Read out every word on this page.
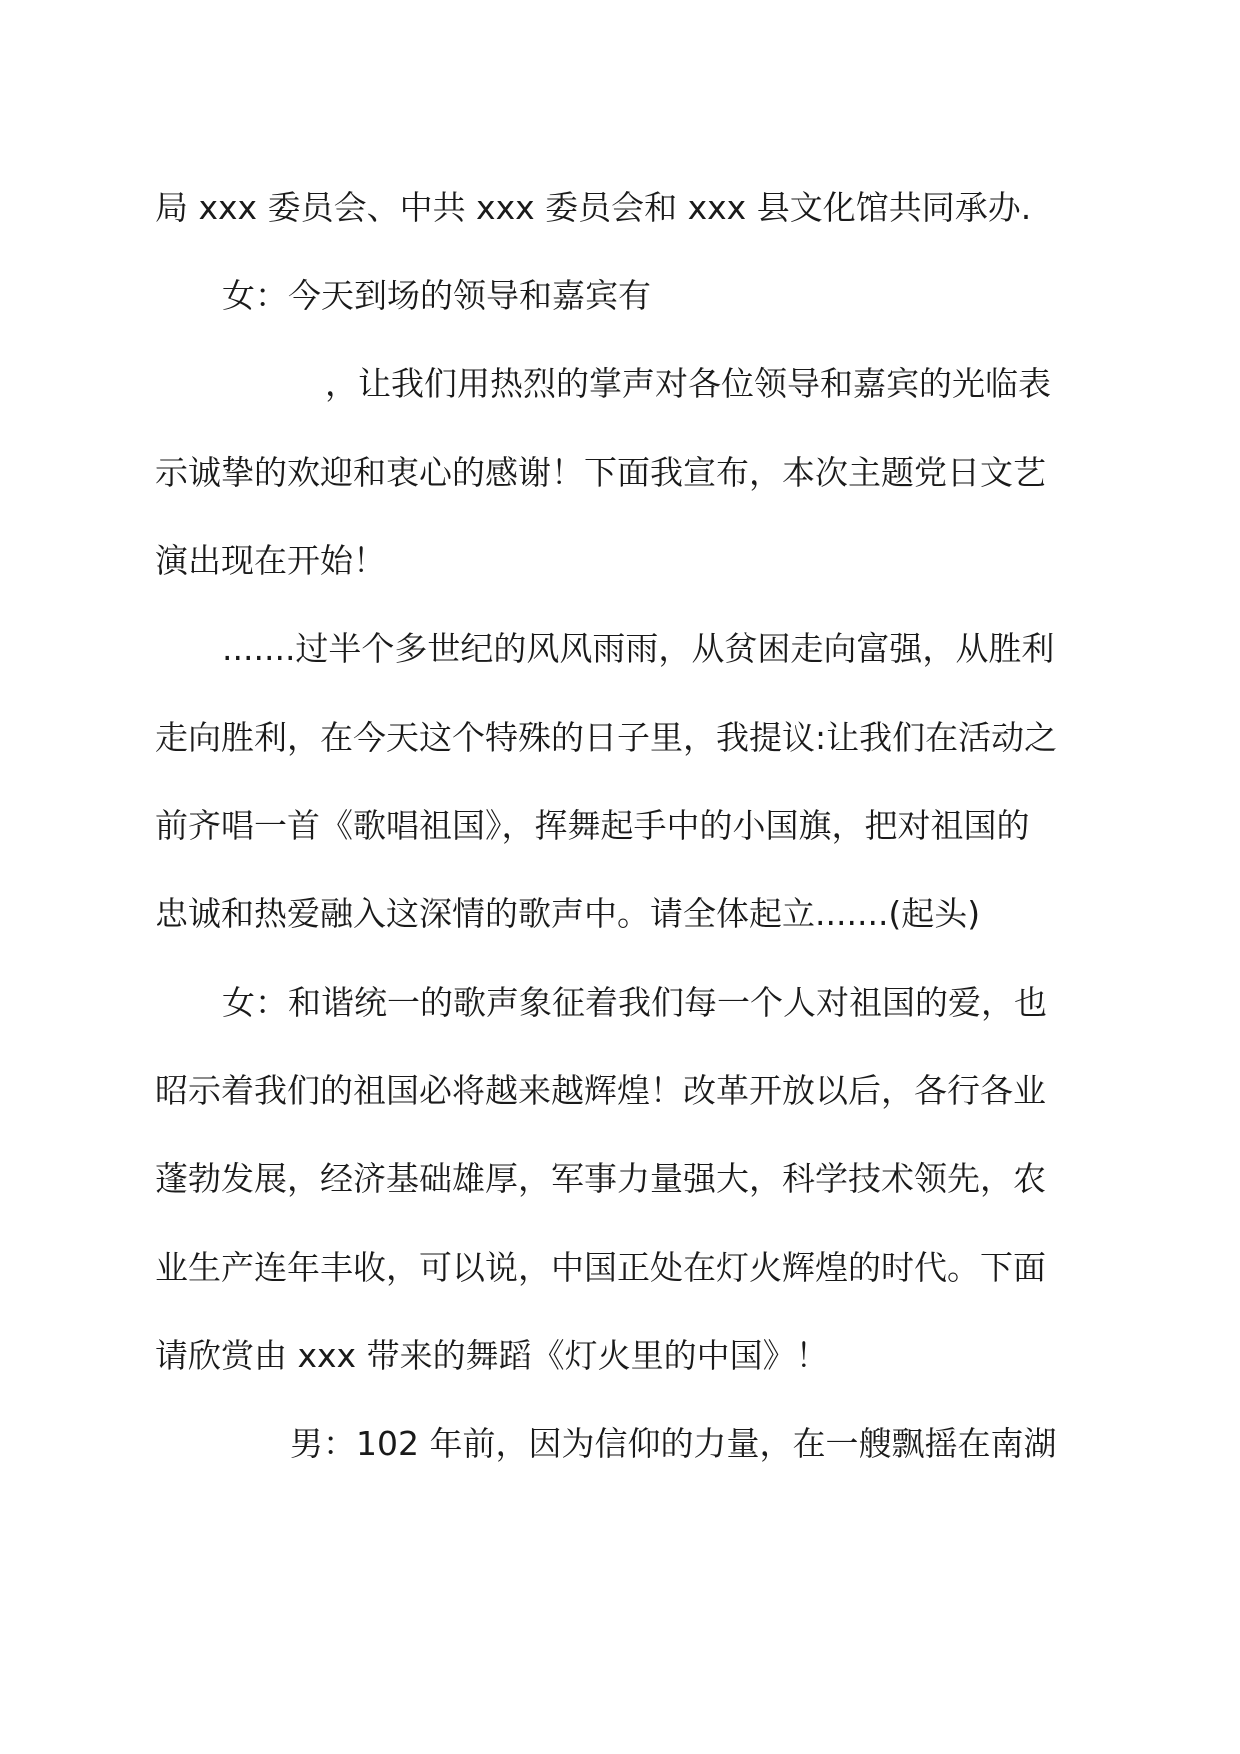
局 xxx 委员会、中共 xxx 委员会和 xxx 县文化馆共同承办.
女：今天到场的领导和嘉宾有
，让我们用热烈的掌声对各位领导和嘉宾的光临表
示诚挚的欢迎和衷心的感谢！下面我宣布，本次主题党日文艺
演出现在开始！
.......过半个多世纪的风风雨雨，从贫困走向富强，从胜利
走向胜利，在今天这个特殊的日子里，我提议:让我们在活动之
前齐唱一首《歌唱祖国》，挥舞起手中的小国旗，把对祖国的
忠诚和热爱融入这深情的歌声中。请全体起立.......(起头)
女：和谐统一的歌声象征着我们每一个人对祖国的爱，也
昭示着我们的祖国必将越来越辉煌！改革开放以后，各行各业
蓬勃发展，经济基础雄厚，军事力量强大，科学技术领先，农
业生产连年丰收，可以说，中国正处在灯火辉煌的时代。下面
请欣赏由 xxx 带来的舞蹈《灯火里的中国》！
男：102 年前，因为信仰的力量，在一艘飘摇在南湖
